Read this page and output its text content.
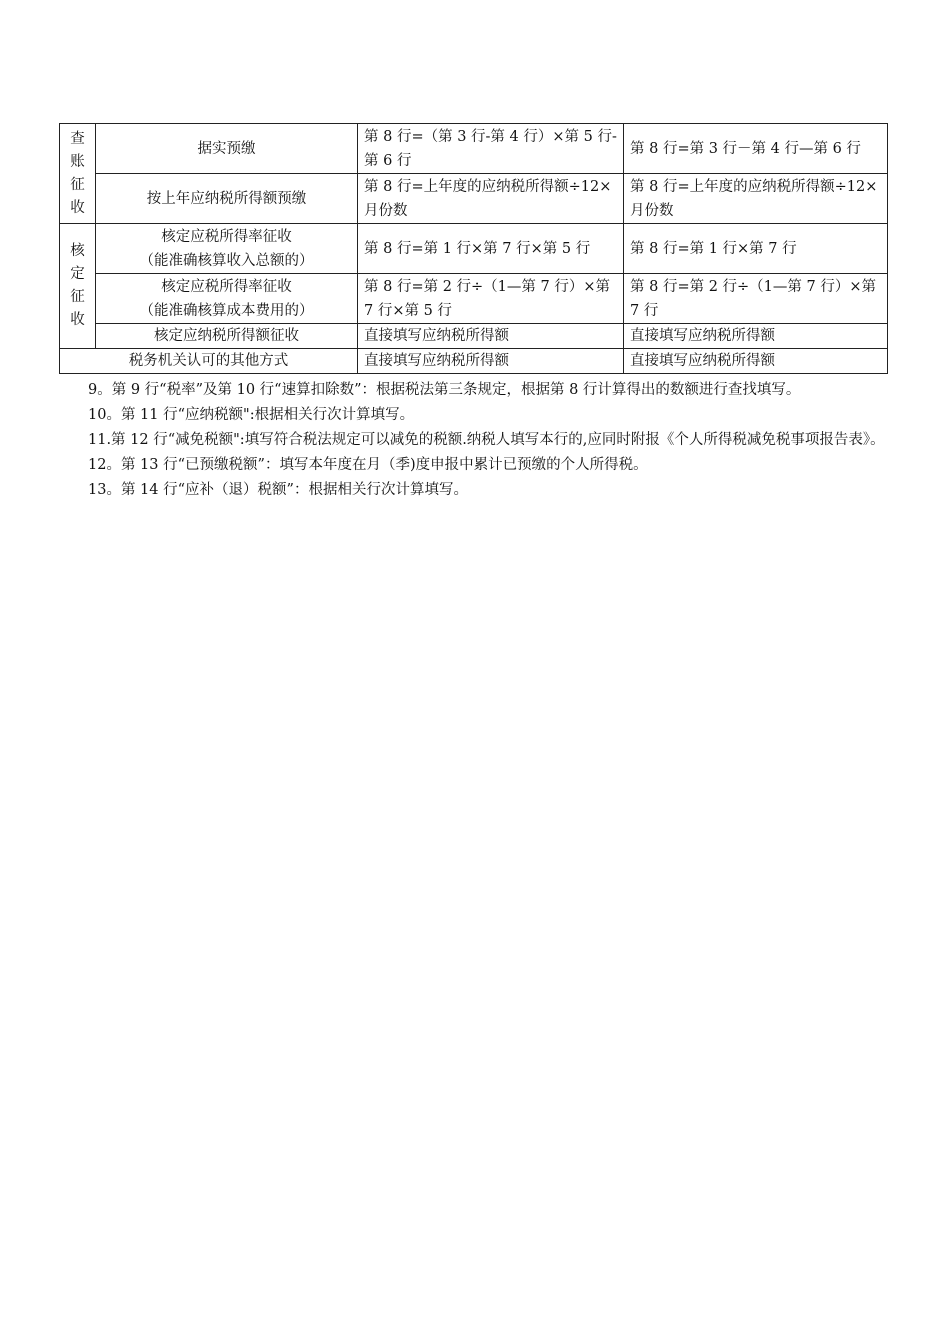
查
账
征
收	据实预缴	第 8 行=（第 3 行-第 4 行）×第 5 行-第 6 行	第 8 行=第 3 行－第 4 行—第 6 行

	按上年应纳税所得额预缴	第 8 行=上年度的应纳税所得额÷12×月份数	第 8 行=上年度的应纳税所得额÷12×月份数

核
定
征
收	核定应税所得率征收
（能准确核算收入总额的）	第 8 行=第 1 行×第 7 行×第 5 行	第 8 行=第 1 行×第 7 行

	核定应税所得率征收
（能准确核算成本费用的）	第 8 行=第 2 行÷（1—第 7 行）×第 7 行×第 5 行	第 8 行=第 2 行÷（1—第 7 行）×第 7 行

	核定应纳税所得额征收	直接填写应纳税所得额	直接填写应纳税所得额

税务机关认可的其他方式		直接填写应纳税所得额	直接填写应纳税所得额

9。第 9 行“税率”及第 10 行“速算扣除数”：根据税法第三条规定，根据第 8 行计算得出的数额进行查找填写。

10。第 11 行“应纳税额":根据相关行次计算填写。

11.第 12 行“减免税额":填写符合税法规定可以减免的税额.纳税人填写本行的,应同时附报《个人所得税减免税事项报告表》。

12。第 13 行“已预缴税额”：填写本年度在月（季)度申报中累计已预缴的个人所得税。

13。第 14 行“应补（退）税额”：根据相关行次计算填写。
